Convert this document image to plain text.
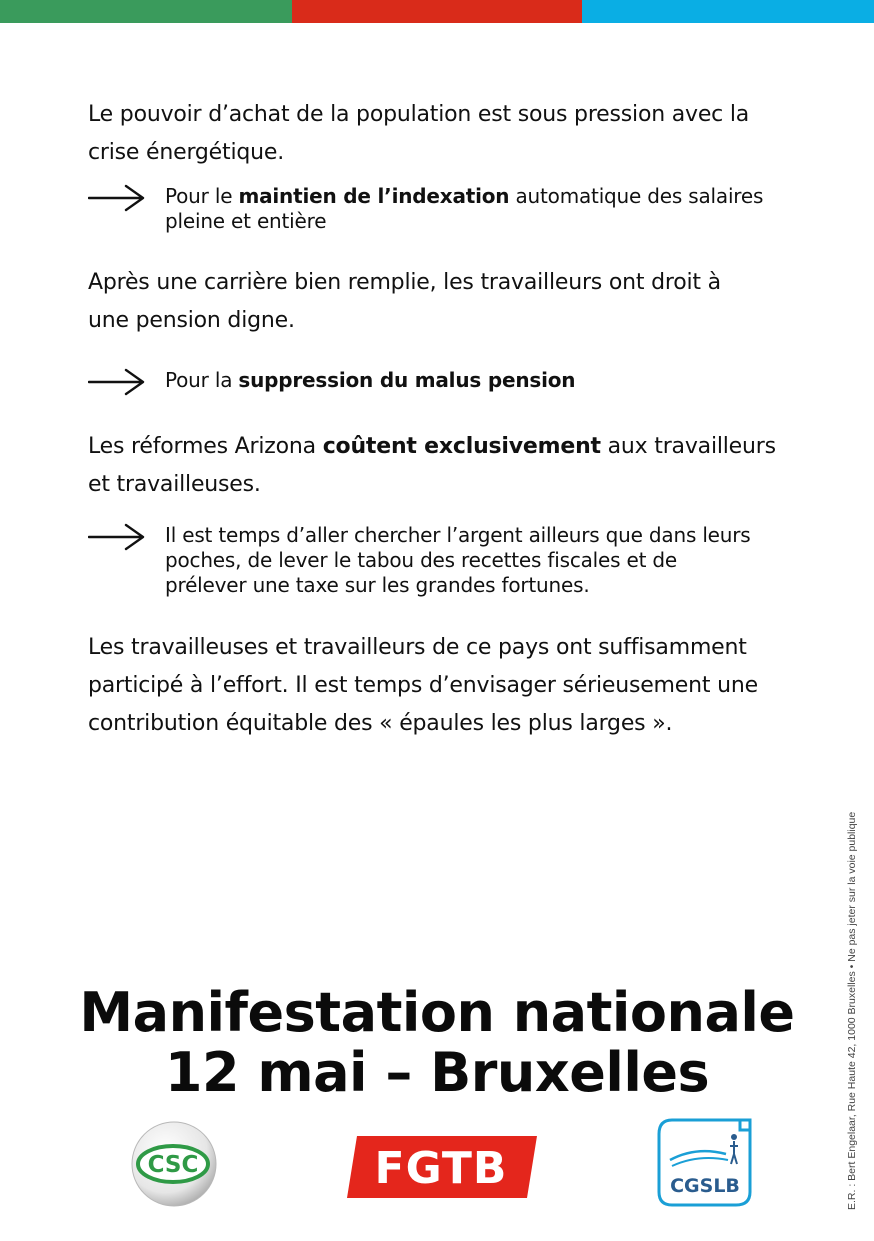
Le pouvoir d’achat de la population est sous pression avec la
crise énergétique.
Pour le maintien de l’indexation automatique des salaires
pleine et entière
Après une carrière bien remplie, les travailleurs ont droit à
une pension digne.
Pour la suppression du malus pension
Les réformes Arizona coûtent exclusivement aux travailleurs
et travailleuses.
Il est temps d’aller chercher l’argent ailleurs que dans leurs
poches, de lever le tabou des recettes fiscales et de
prélever une taxe sur les grandes fortunes.
Les travailleuses et travailleurs de ce pays ont suffisamment
participé à l’effort. Il est temps d’envisager sérieusement une
contribution équitable des « épaules les plus larges ».
Manifestation nationale
12 mai – Bruxelles	E.R. : Bert Engelaar, Rue Haute 42, 1000 Bruxelles • Ne pas jeter sur la voie publique
CSC	FGTB	CGSLB
